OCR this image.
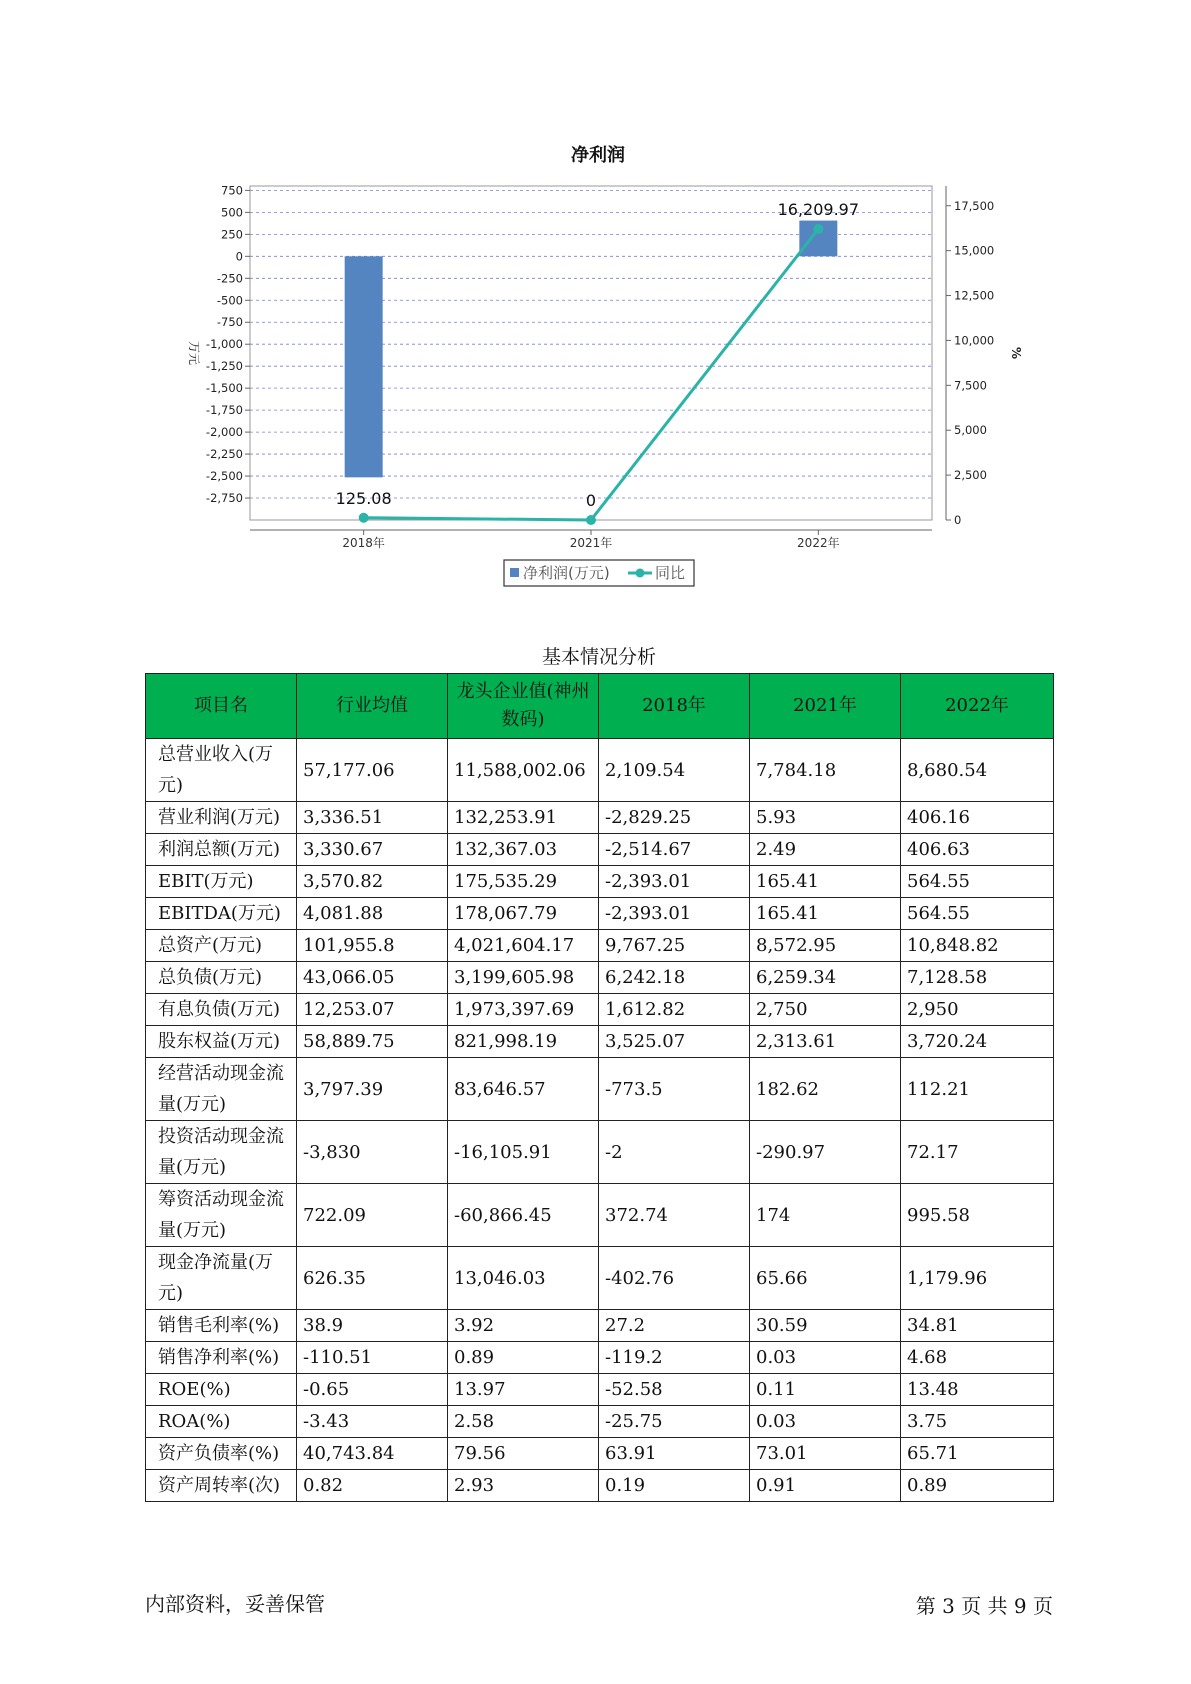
净利润
750
500
250
0
-250
-500
-750
-1,000
-1,250
-1,500
-1,750
-2,000
-2,250
-2,500
-2,750
17,500
15,000
12,500
10,000
7,500
5,000
2,500
0
万元	%
2018年	2021年	2022年
125.08	0
16,209.97
净利润(万元)	同比
基本情况分析
项目名	行业均值	龙头企业值(神州数码)	2018年	2021年	2022年
总营业收入(万元)	57,177.06	11,588,002.06	2,109.54	7,784.18	8,680.54
营业利润(万元)	3,336.51	132,253.91	-2,829.25	5.93	406.16
利润总额(万元)	3,330.67	132,367.03	-2,514.67	2.49	406.63
EBIT(万元)	3,570.82	175,535.29	-2,393.01	165.41	564.55
EBITDA(万元)	4,081.88	178,067.79	-2,393.01	165.41	564.55
总资产(万元)	101,955.8	4,021,604.17	9,767.25	8,572.95	10,848.82
总负债(万元)	43,066.05	3,199,605.98	6,242.18	6,259.34	7,128.58
有息负债(万元)	12,253.07	1,973,397.69	1,612.82	2,750	2,950
股东权益(万元)	58,889.75	821,998.19	3,525.07	2,313.61	3,720.24
经营活动现金流量(万元)	3,797.39	83,646.57	-773.5	182.62	112.21
投资活动现金流量(万元)	-3,830	-16,105.91	-2	-290.97	72.17
筹资活动现金流量(万元)	722.09	-60,866.45	372.74	174	995.58
现金净流量(万元)	626.35	13,046.03	-402.76	65.66	1,179.96
销售毛利率(%)	38.9	3.92	27.2	30.59	34.81
销售净利率(%)	-110.51	0.89	-119.2	0.03	4.68
ROE(%)	-0.65	13.97	-52.58	0.11	13.48
ROA(%)	-3.43	2.58	-25.75	0.03	3.75
资产负债率(%)	40,743.84	79.56	63.91	73.01	65.71
资产周转率(次)	0.82	2.93	0.19	0.91	0.89
内部资料，妥善保管	第 3 页 共 9 页
